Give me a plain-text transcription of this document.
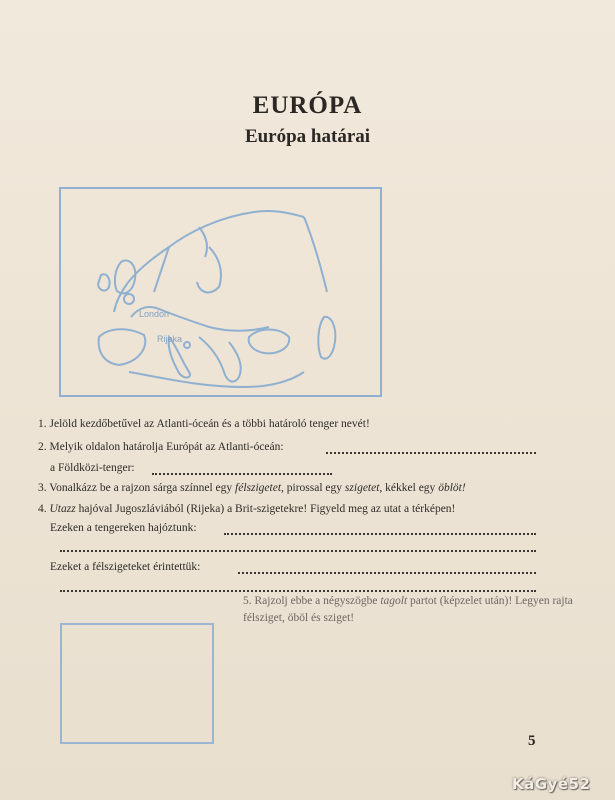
EURÓPA
Európa határai
London
Rijeka
1. Jelöld kezdőbetűvel az Atlanti-óceán és a többi határoló tenger nevét!
2. Melyik oldalon határolja Európát az Atlanti-óceán:
a Földközi-tenger:
3. Vonalkázz be a rajzon sárga színnel egy félszigetet, pirossal egy szigetet, kékkel egy öblöt!
4. Utazz hajóval Jugoszláviából (Rijeka) a Brit-szigetekre! Figyeld meg az utat a térképen!
Ezeken a tengereken hajóztunk:
Ezeket a félszigeteket érintettük:
5. Rajzolj ebbe a négyszögbe tagolt partot (képzelet után)! Legyen rajta félsziget, öböl és sziget!
5
KáGyé52
